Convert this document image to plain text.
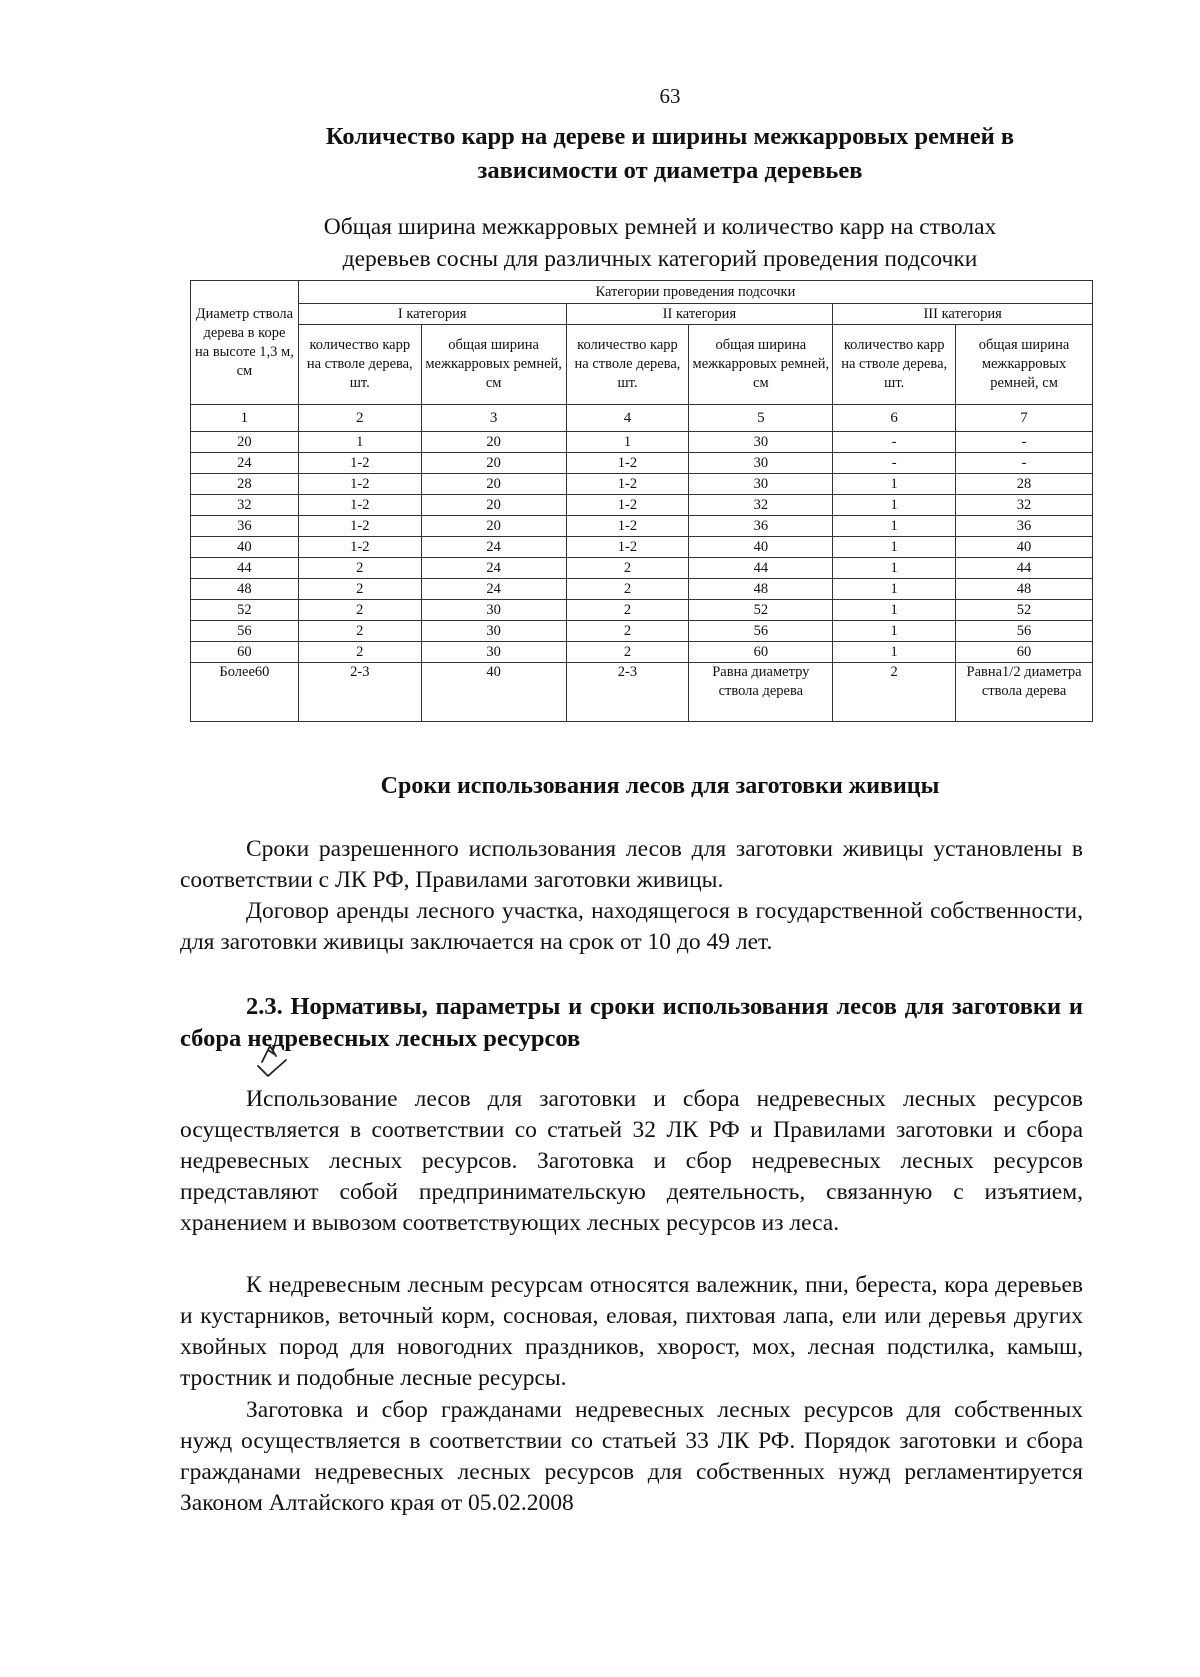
63
Количество карр на дереве и ширины межкарровых ремней в
зависимости от диаметра деревьев
Общая ширина межкарровых ремней и количество карр на стволах
деревьев сосны для различных категорий проведения подсочки
Диаметр ствола дерева в коре на высоте 1,3 м, см	Категории проведения подсочки					
	I категория		II категория		III категория	
	количество карр на стволе дерева, шт.	общая ширина межкарровых ремней, см	количество карр на стволе дерева, шт.	общая ширина межкарровых ремней, см	количество карр на стволе дерева, шт.	общая ширина межкарровых ремней, см
1	2	3	4	5	6	7
20	1	20	1	30	-	-
24	1-2	20	1-2	30	-	-
28	1-2	20	1-2	30	1	28
32	1-2	20	1-2	32	1	32
36	1-2	20	1-2	36	1	36
40	1-2	24	1-2	40	1	40
44	2	24	2	44	1	44
48	2	24	2	48	1	48
52	2	30	2	52	1	52
56	2	30	2	56	1	56
60	2	30	2	60	1	60
Более60	2-3	40	2-3	Равна диаметру ствола дерева	2	Равна1/2 диаметра ствола дерева
Сроки использования лесов для заготовки живицы

Сроки разрешенного использования лесов для заготовки живицы установлены в соответствии с ЛК РФ, Правилами заготовки живицы.

Договор аренды лесного участка, находящегося в государственной собственности, для заготовки живицы заключается на срок от 10 до 49 лет.

2.3. Нормативы, параметры и сроки использования лесов для заготовки и сбора недревесных лесных ресурсов

Использование лесов для заготовки и сбора недревесных лесных ресурсов осуществляется в соответствии со статьей 32 ЛК РФ и Правилами заготовки и сбора недревесных лесных ресурсов. Заготовка и сбор недревесных лесных ресурсов представляют собой предпринимательскую деятельность, связанную с изъятием, хранением и вывозом соответствующих лесных ресурсов из леса.

К недревесным лесным ресурсам относятся валежник, пни, береста, кора деревьев и кустарников, веточный корм, сосновая, еловая, пихтовая лапа, ели или деревья других хвойных пород для новогодних праздников, хворост, мох, лесная подстилка, камыш, тростник и подобные лесные ресурсы.

Заготовка и сбор гражданами недревесных лесных ресурсов для собственных нужд осуществляется в соответствии со статьей 33 ЛК РФ. Порядок заготовки и сбора гражданами недревесных лесных ресурсов для собственных нужд регламентируется Законом Алтайского края от 05.02.2008
